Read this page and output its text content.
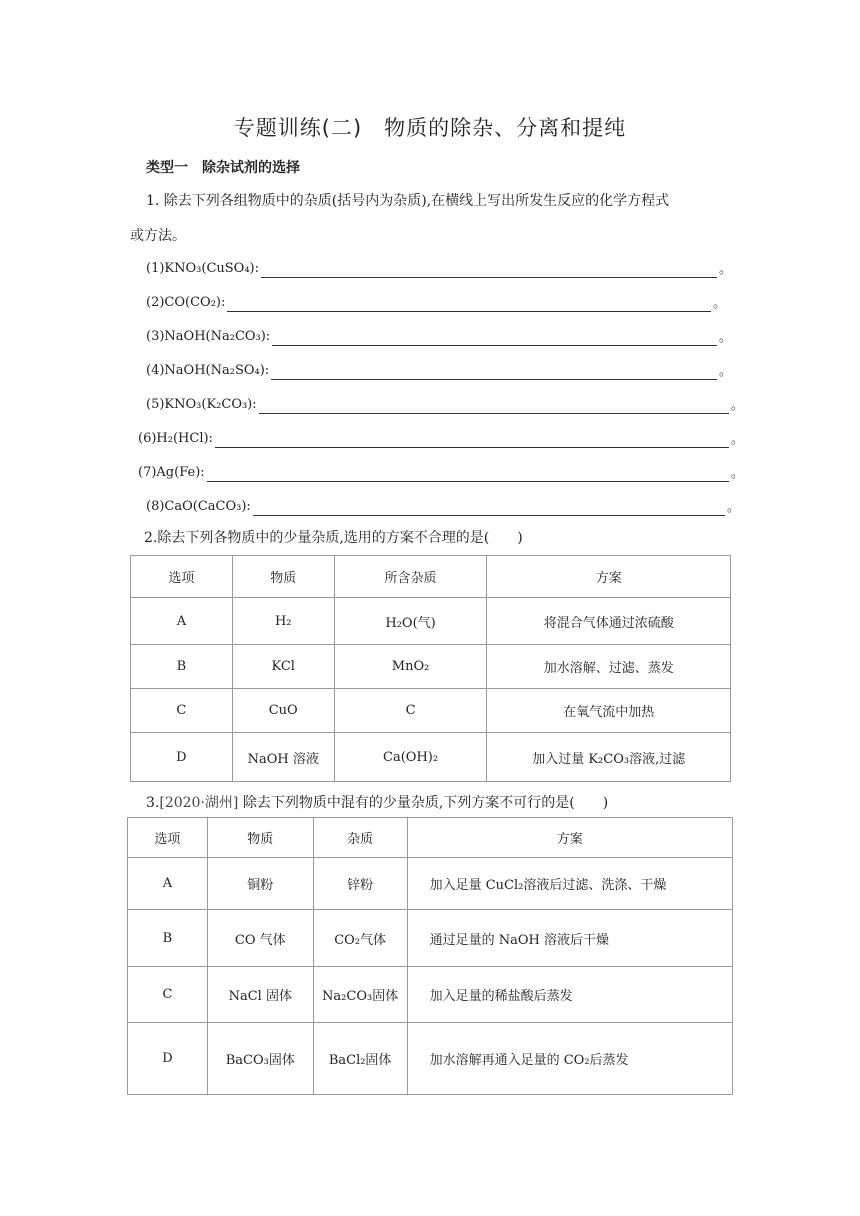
专题训练(二)　物质的除杂、分离和提纯
类型一　除杂试剂的选择
1. 除去下列各组物质中的杂质(括号内为杂质),在横线上写出所发生反应的化学方程式
或方法。
(1)KNO₃(CuSO₄):	。
(2)CO(CO₂):	。
(3)NaOH(Na₂CO₃):	。
(4)NaOH(Na₂SO₄):	。
(5)KNO₃(K₂CO₃):	。
(6)H₂(HCl):	。
(7)Ag(Fe):	。
(8)CaO(CaCO₃):	。
2.除去下列各物质中的少量杂质,选用的方案不合理的是(　　)
选项	物质	所含杂质	方案
A	H₂	H₂O(气)	将混合气体通过浓硫酸
B	KCl	MnO₂	加水溶解、过滤、蒸发
C	CuO	C	在氧气流中加热
D	NaOH 溶液	Ca(OH)₂	加入过量 K₂CO₃溶液,过滤
3.[2020·湖州] 除去下列物质中混有的少量杂质,下列方案不可行的是(　　)
选项	物质	杂质	方案
A	铜粉	锌粉	加入足量 CuCl₂溶液后过滤、洗涤、干燥
B	CO 气体	CO₂气体	通过足量的 NaOH 溶液后干燥
C	NaCl 固体	Na₂CO₃固体	加入足量的稀盐酸后蒸发
D	BaCO₃固体	BaCl₂固体	加水溶解再通入足量的 CO₂后蒸发
